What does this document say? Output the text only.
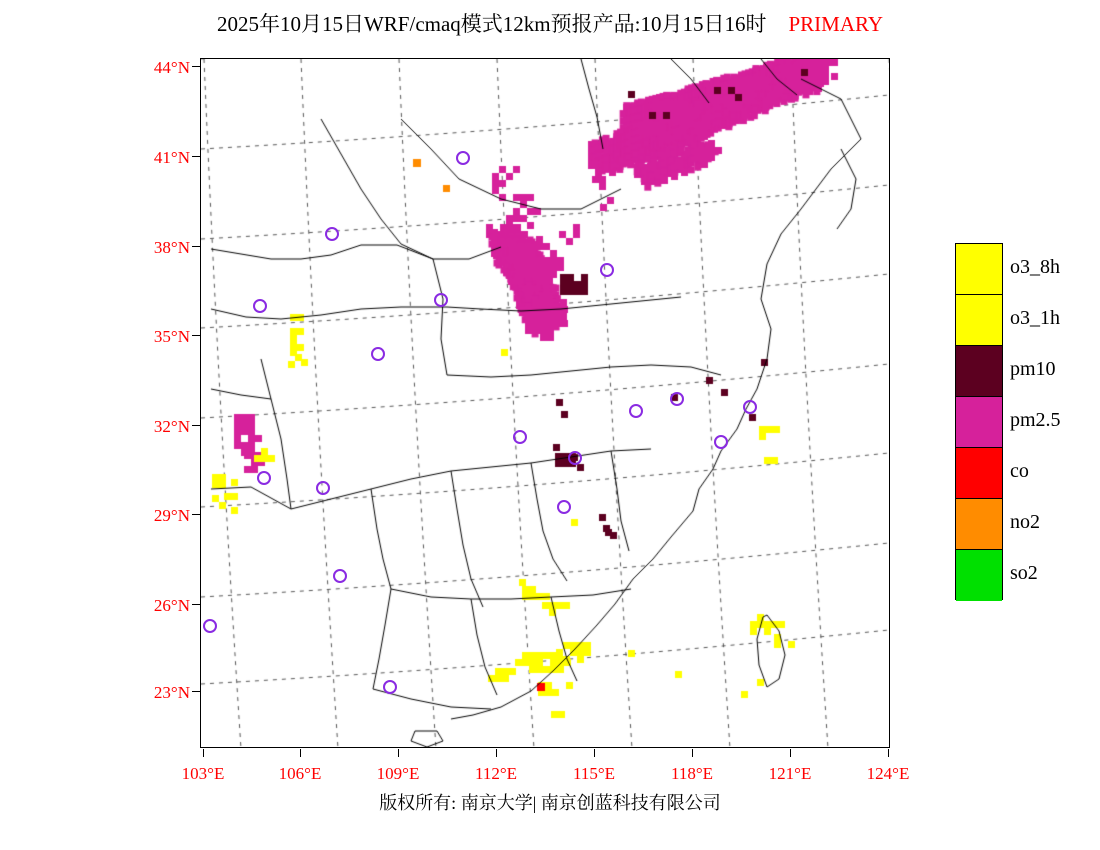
2025年10月15日WRF/cmaq模式12km预报产品:10月15日16时 PRIMARY
版权所有: 南京大学| 南京创蓝科技有限公司
o3_8h
o3_1h
pm10
pm2.5
co
no2
so2
44°N
41°N
38°N
35°N
32°N
29°N
26°N
23°N
103°E	106°E	109°E	112°E	115°E	118°E	121°E	124°E
